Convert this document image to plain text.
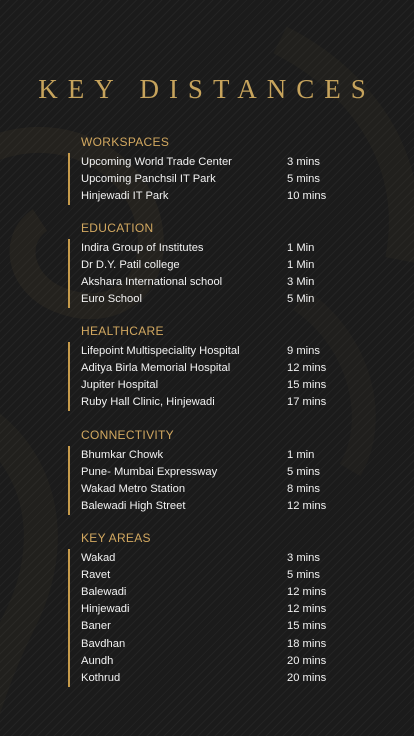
KEY DISTANCES
WORKSPACES
Upcoming World Trade Center	3 mins
Upcoming Panchsil IT Park	5 mins
Hinjewadi IT Park	10 mins
EDUCATION
Indira Group of Institutes	1 Min
Dr D.Y. Patil college	1 Min
Akshara International school	3 Min
Euro School	5 Min
HEALTHCARE
Lifepoint Multispeciality Hospital	9 mins
Aditya Birla Memorial Hospital	12 mins
Jupiter Hospital	15 mins
Ruby Hall Clinic, Hinjewadi	17 mins
CONNECTIVITY
Bhumkar Chowk	1 min
Pune- Mumbai Expressway	5 mins
Wakad Metro Station	8 mins
Balewadi High Street	12 mins
KEY AREAS
Wakad	3 mins
Ravet	5 mins
Balewadi	12 mins
Hinjewadi	12 mins
Baner	15 mins
Bavdhan	18 mins
Aundh	20 mins
Kothrud	20 mins
